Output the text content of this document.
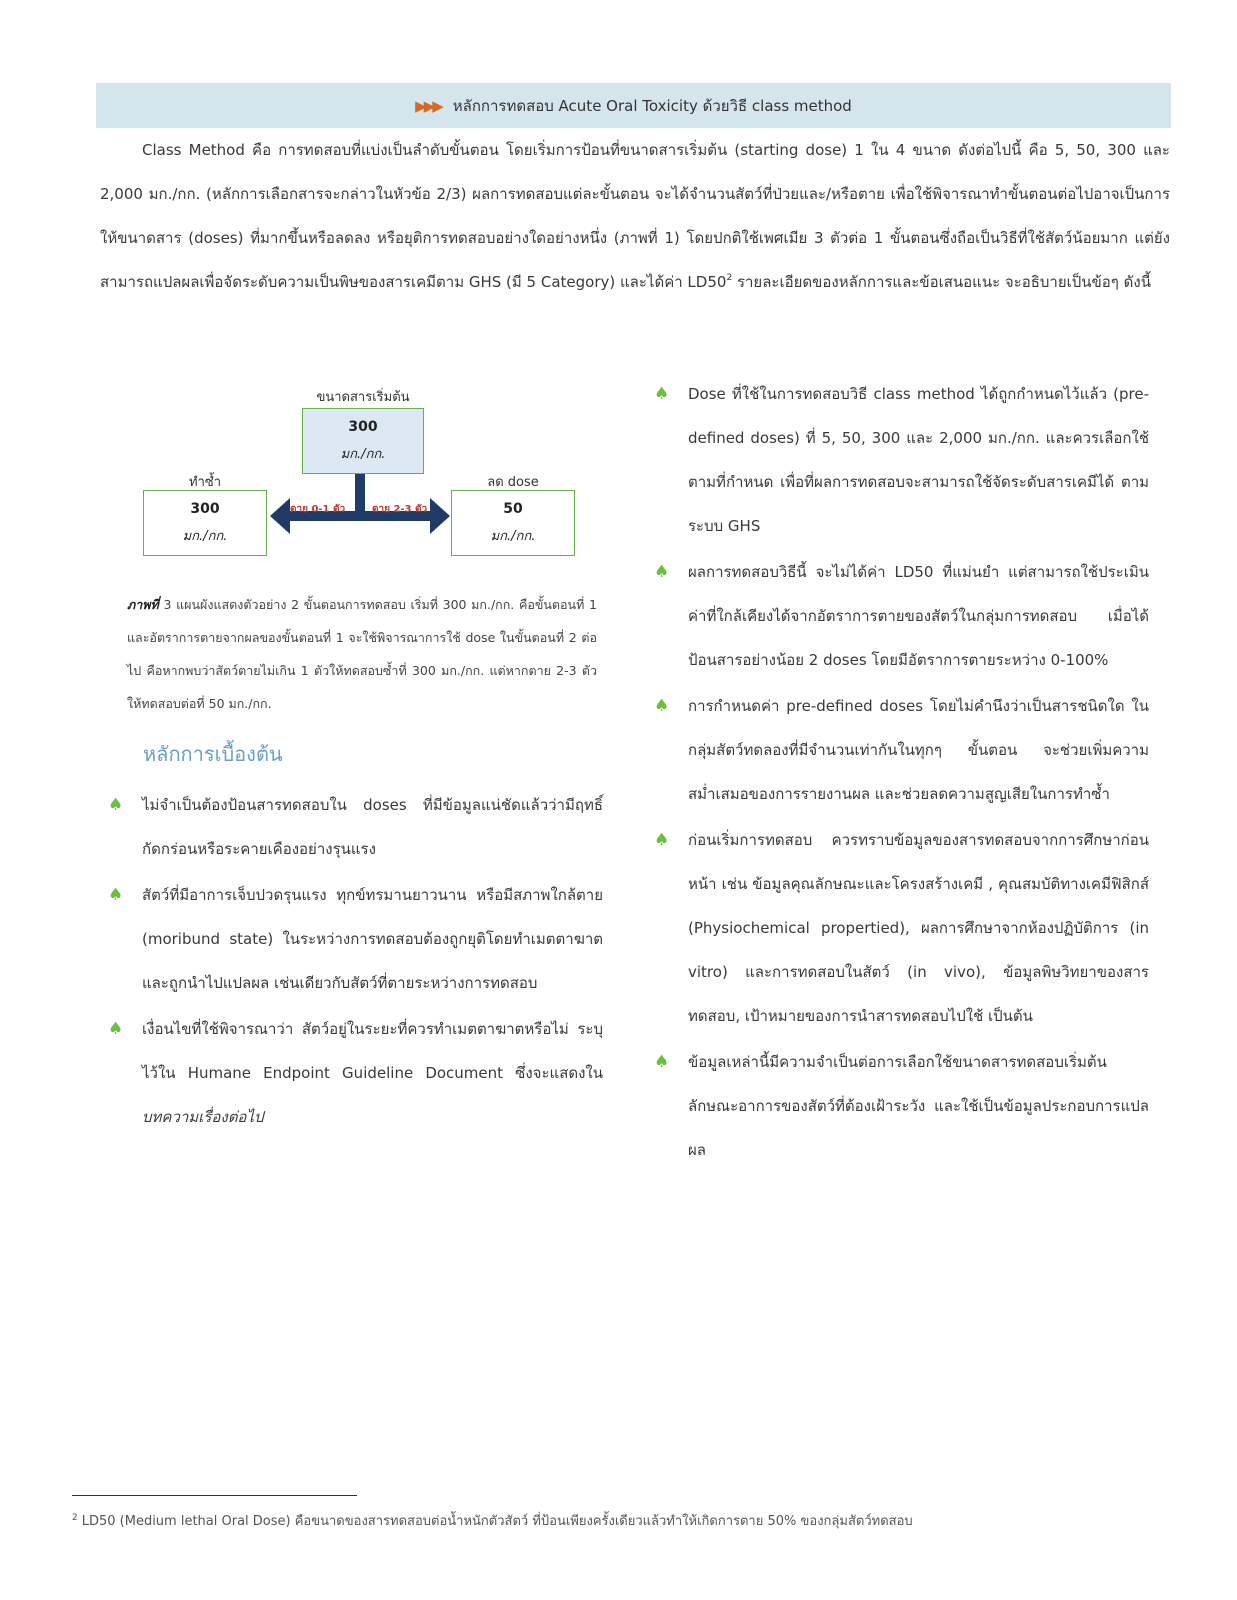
▶▶▶ หลักการทดสอบ Acute Oral Toxicity ด้วยวิธี class method

Class Method คือ การทดสอบที่แบ่งเป็นลำดับขั้นตอน โดยเริ่มการป้อนที่ขนาดสารเริ่มต้น (starting dose) 1 ใน 4 ขนาด ดังต่อไปนี้ คือ 5, 50, 300 และ 2,000 มก./กก. (หลักการเลือกสารจะกล่าวในหัวข้อ 2/3) ผลการทดสอบแต่ละขั้นตอน จะได้จำนวนสัตว์ที่ป่วยและ/หรือตาย เพื่อใช้พิจารณาทำขั้นตอนต่อไปอาจเป็นการให้ขนาดสาร (doses) ที่มากขึ้นหรือลดลง หรือยุติการทดสอบอย่างใดอย่างหนึ่ง (ภาพที่ 1) โดยปกติใช้เพศเมีย 3 ตัวต่อ 1 ขั้นตอนซึ่งถือเป็นวิธีที่ใช้สัตว์น้อยมาก แต่ยังสามารถแปลผลเพื่อจัดระดับความเป็นพิษของสารเคมีตาม GHS (มี 5 Category) และได้ค่า $LD50^2$ รายละเอียดของหลักการและข้อเสนอแนะ จะอธิบายเป็นข้อๆ ดังนี้

ขนาดสารเริ่มต้น
300
มก./กก.
ทำซ้ำ
300
มก./กก.
ลด dose
50
มก./กก.
ตาย 0-1 ตัว	ตาย 2-3 ตัว

ภาพที่ 3 แผนผังแสดงตัวอย่าง 2 ขั้นตอนการทดสอบ เริ่มที่ 300 มก./กก. คือขั้นตอนที่ 1 และอัตราการตายจากผลของขั้นตอนที่ 1 จะใช้พิจารณาการใช้ dose ในขั้นตอนที่ 2 ต่อไป คือหากพบว่าสัตว์ตายไม่เกิน 1 ตัวให้ทดสอบซ้ำที่ 300 มก./กก. แต่หากตาย 2-3 ตัวให้ทดสอบต่อที่ 50 มก./กก.

หลักการเบื้องต้น
♠ ไม่จำเป็นต้องป้อนสารทดสอบใน doses ที่มีข้อมูลแน่ชัดแล้วว่ามีฤทธิ์กัดกร่อนหรือระคายเคืองอย่างรุนแรง
♠ สัตว์ที่มีอาการเจ็บปวดรุนแรง ทุกข์ทรมานยาวนาน หรือมีสภาพใกล้ตาย (moribund state) ในระหว่างการทดสอบต้องถูกยุติโดยทำเมตตาฆาต และถูกนำไปแปลผล เช่นเดียวกับสัตว์ที่ตายระหว่างการทดสอบ
♠ เงื่อนไขที่ใช้พิจารณาว่า สัตว์อยู่ในระยะที่ควรทำเมตตาฆาตหรือไม่ ระบุไว้ใน Humane Endpoint Guideline Document ซึ่งจะแสดงในบทความเรื่องต่อไป
♠ Dose ที่ใช้ในการทดสอบวิธี class method ได้ถูกกำหนดไว้แล้ว (pre-defined doses) ที่ 5, 50, 300 และ 2,000 มก./กก. และควรเลือกใช้ตามที่กำหนด เพื่อที่ผลการทดสอบจะสามารถใช้จัดระดับสารเคมีได้ ตามระบบ GHS
♠ ผลการทดสอบวิธีนี้ จะไม่ได้ค่า LD50 ที่แม่นยำ แต่สามารถใช้ประเมินค่าที่ใกล้เคียงได้จากอัตราการตายของสัตว์ในกลุ่มการทดสอบ เมื่อได้ป้อนสารอย่างน้อย 2 doses โดยมีอัตราการตายระหว่าง 0-100%
♠ การกำหนดค่า pre-defined doses โดยไม่คำนึงว่าเป็นสารชนิดใด ในกลุ่มสัตว์ทดลองที่มีจำนวนเท่ากันในทุกๆ ขั้นตอน จะช่วยเพิ่มความสม่ำเสมอของการรายงานผล และช่วยลดความสูญเสียในการทำซ้ำ
♠ ก่อนเริ่มการทดสอบ ควรทราบข้อมูลของสารทดสอบจากการศึกษาก่อนหน้า เช่น ข้อมูลคุณลักษณะและโครงสร้างเคมี , คุณสมบัติทางเคมีฟิสิกส์ (Physiochemical propertied), ผลการศึกษาจากห้องปฏิบัติการ (in vitro) และการทดสอบในสัตว์ (in vivo), ข้อมูลพิษวิทยาของสารทดสอบ, เป้าหมายของการนำสารทดสอบไปใช้ เป็นต้น
♠ ข้อมูลเหล่านี้มีความจำเป็นต่อการเลือกใช้ขนาดสารทดสอบเริ่มต้น ลักษณะอาการของสัตว์ที่ต้องเฝ้าระวัง และใช้เป็นข้อมูลประกอบการแปลผล

$^2$ LD50 (Medium lethal Oral Dose) คือขนาดของสารทดสอบต่อน้ำหนักตัวสัตว์ ที่ป้อนเพียงครั้งเดียวแล้วทำให้เกิดการตาย 50% ของกลุ่มสัตว์ทดสอบ
